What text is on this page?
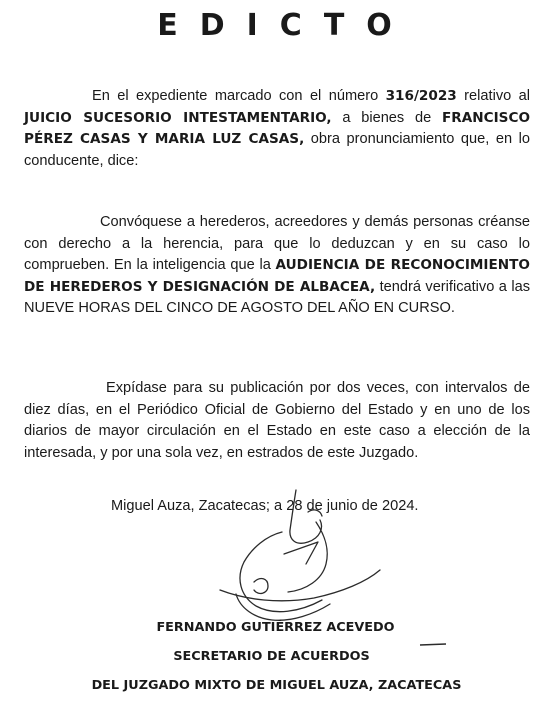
E D I C T O
En el expediente marcado con el número 316/2023 relativo al JUICIO SUCESORIO INTESTAMENTARIO, a bienes de FRANCISCO PÉREZ CASAS Y MARIA LUZ CASAS, obra pronunciamiento que, en lo conducente, dice:
Convóquese a herederos, acreedores y demás personas créanse con derecho a la herencia, para que lo deduzcan y en su caso lo comprueben. En la inteligencia que la AUDIENCIA DE RECONOCIMIENTO DE HEREDEROS Y DESIGNACIÓN DE ALBACEA, tendrá verificativo a las NUEVE HORAS DEL CINCO DE AGOSTO DEL AÑO EN CURSO.
Expídase para su publicación por dos veces, con intervalos de diez días, en el Periódico Oficial de Gobierno del Estado y en uno de los diarios de mayor circulación en el Estado en este caso a elección de la interesada, y por una sola vez, en estrados de este Juzgado.
Miguel Auza, Zacatecas; a 28 de junio de 2024.
FERNANDO GUTIÉRREZ ACEVEDO
SECRETARIO DE ACUERDOS
DEL JUZGADO MIXTO DE MIGUEL AUZA, ZACATECAS
